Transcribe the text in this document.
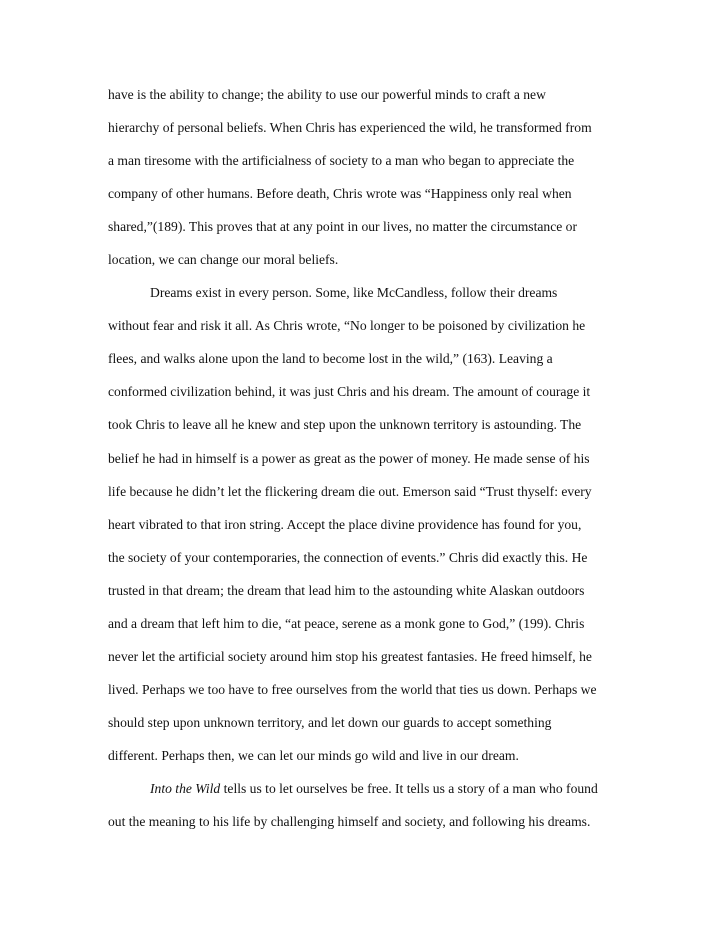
have is the ability to change; the ability to use our powerful minds to craft a new
hierarchy of personal beliefs. When Chris has experienced the wild, he transformed from
a man tiresome with the artificialness of society to a man who began to appreciate the
company of other humans. Before death, Chris wrote was “Happiness only real when
shared,”(189). This proves that at any point in our lives, no matter the circumstance or
location, we can change our moral beliefs.
Dreams exist in every person. Some, like McCandless, follow their dreams
without fear and risk it all. As Chris wrote, “No longer to be poisoned by civilization he
flees, and walks alone upon the land to become lost in the wild,” (163). Leaving a
conformed civilization behind, it was just Chris and his dream. The amount of courage it
took Chris to leave all he knew and step upon the unknown territory is astounding. The
belief he had in himself is a power as great as the power of money. He made sense of his
life because he didn’t let the flickering dream die out. Emerson said “Trust thyself: every
heart vibrated to that iron string. Accept the place divine providence has found for you,
the society of your contemporaries, the connection of events.” Chris did exactly this. He
trusted in that dream; the dream that lead him to the astounding white Alaskan outdoors
and a dream that left him to die, “at peace, serene as a monk gone to God,” (199). Chris
never let the artificial society around him stop his greatest fantasies. He freed himself, he
lived. Perhaps we too have to free ourselves from the world that ties us down. Perhaps we
should step upon unknown territory, and let down our guards to accept something
different. Perhaps then, we can let our minds go wild and live in our dream.
Into the Wild tells us to let ourselves be free. It tells us a story of a man who found
out the meaning to his life by challenging himself and society, and following his dreams.
